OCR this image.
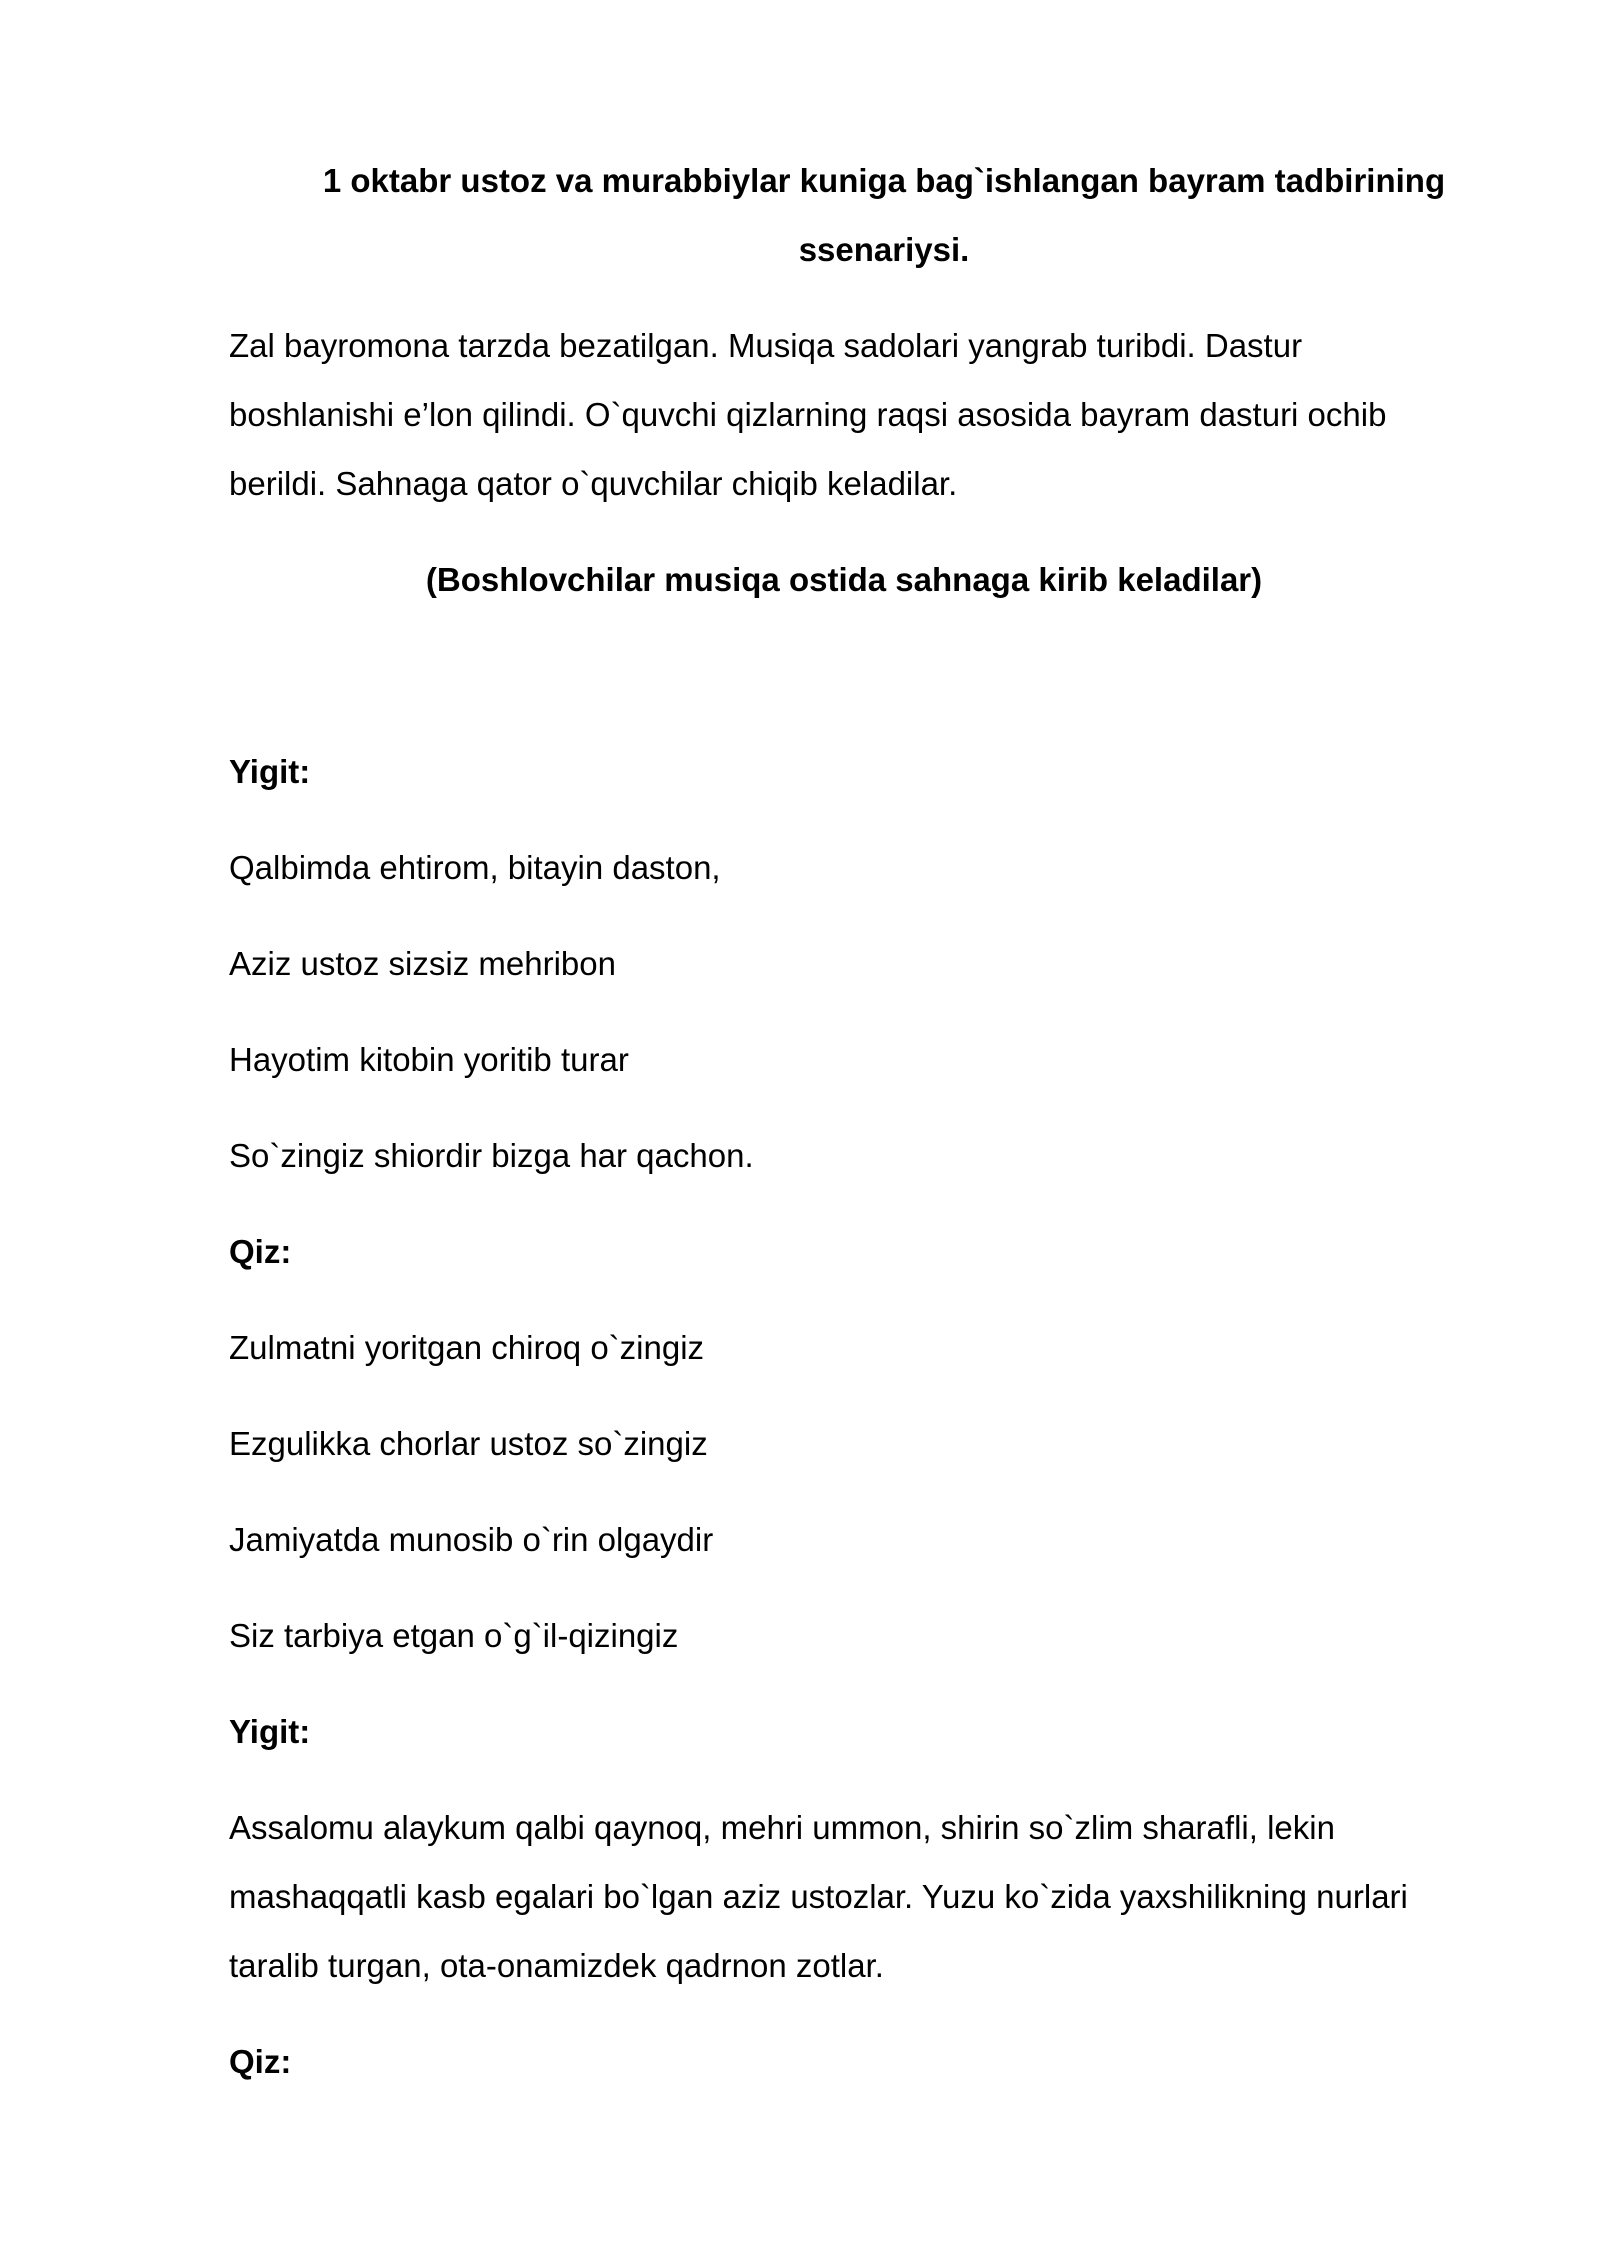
1 oktabr ustoz va murabbiylar kuniga bag`ishlangan bayram tadbirining
ssenariysi.

Zal bayromona tarzda bezatilgan. Musiqa sadolari yangrab turibdi. Dastur boshlanishi e’lon qilindi. O`quvchi qizlarning raqsi asosida bayram dasturi ochib berildi. Sahnaga qator o`quvchilar chiqib keladilar.

(Boshlovchilar musiqa ostida sahnaga kirib keladilar)

Yigit:

Qalbimda ehtirom, bitayin daston,

Aziz ustoz sizsiz mehribon

Hayotim kitobin yoritib turar

So`zingiz shiordir bizga har qachon.

Qiz:

Zulmatni yoritgan chiroq o`zingiz

Ezgulikka chorlar ustoz so`zingiz

Jamiyatda munosib o`rin olgaydir

Siz tarbiya etgan o`g`il-qizingiz

Yigit:

Assalomu alaykum qalbi qaynoq, mehri ummon, shirin so`zlim sharafli, lekin mashaqqatli kasb egalari bo`lgan aziz ustozlar. Yuzu ko`zida yaxshilikning nurlari taralib turgan, ota-onamizdek qadrnon zotlar.

Qiz:
